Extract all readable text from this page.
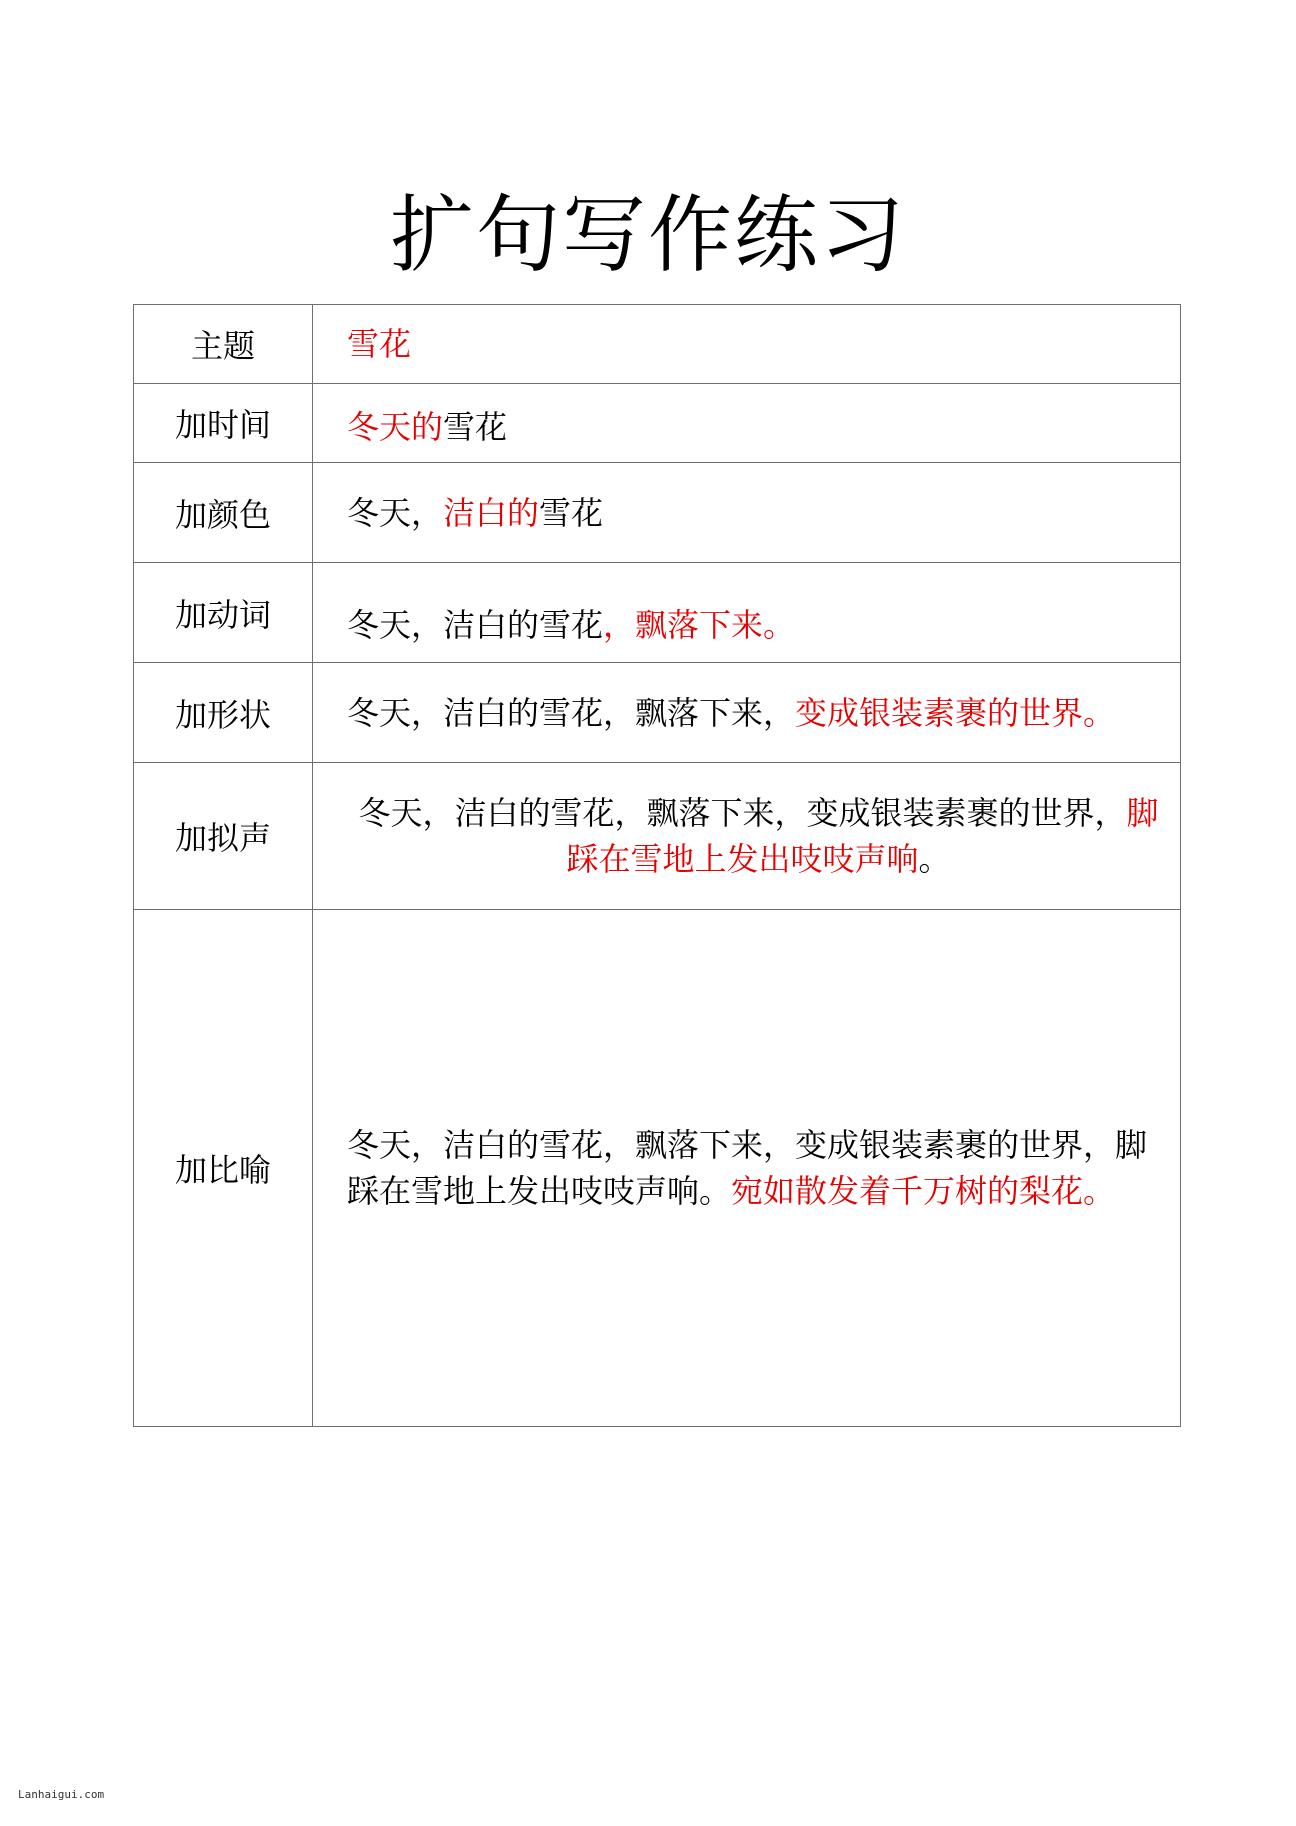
扩句写作练习
主题	雪花
加时间	冬天的雪花
加颜色	冬天，洁白的雪花
加动词	冬天，洁白的雪花，飘落下来。
加形状	冬天，洁白的雪花，飘落下来，变成银装素裹的世界。
加拟声	冬天，洁白的雪花，飘落下来，变成银装素裹的世界，脚踩在雪地上发出吱吱声响。
加比喻	冬天，洁白的雪花，飘落下来，变成银装素裹的世界，脚踩在雪地上发出吱吱声响。宛如散发着千万树的梨花。
Lanhaigui.com
